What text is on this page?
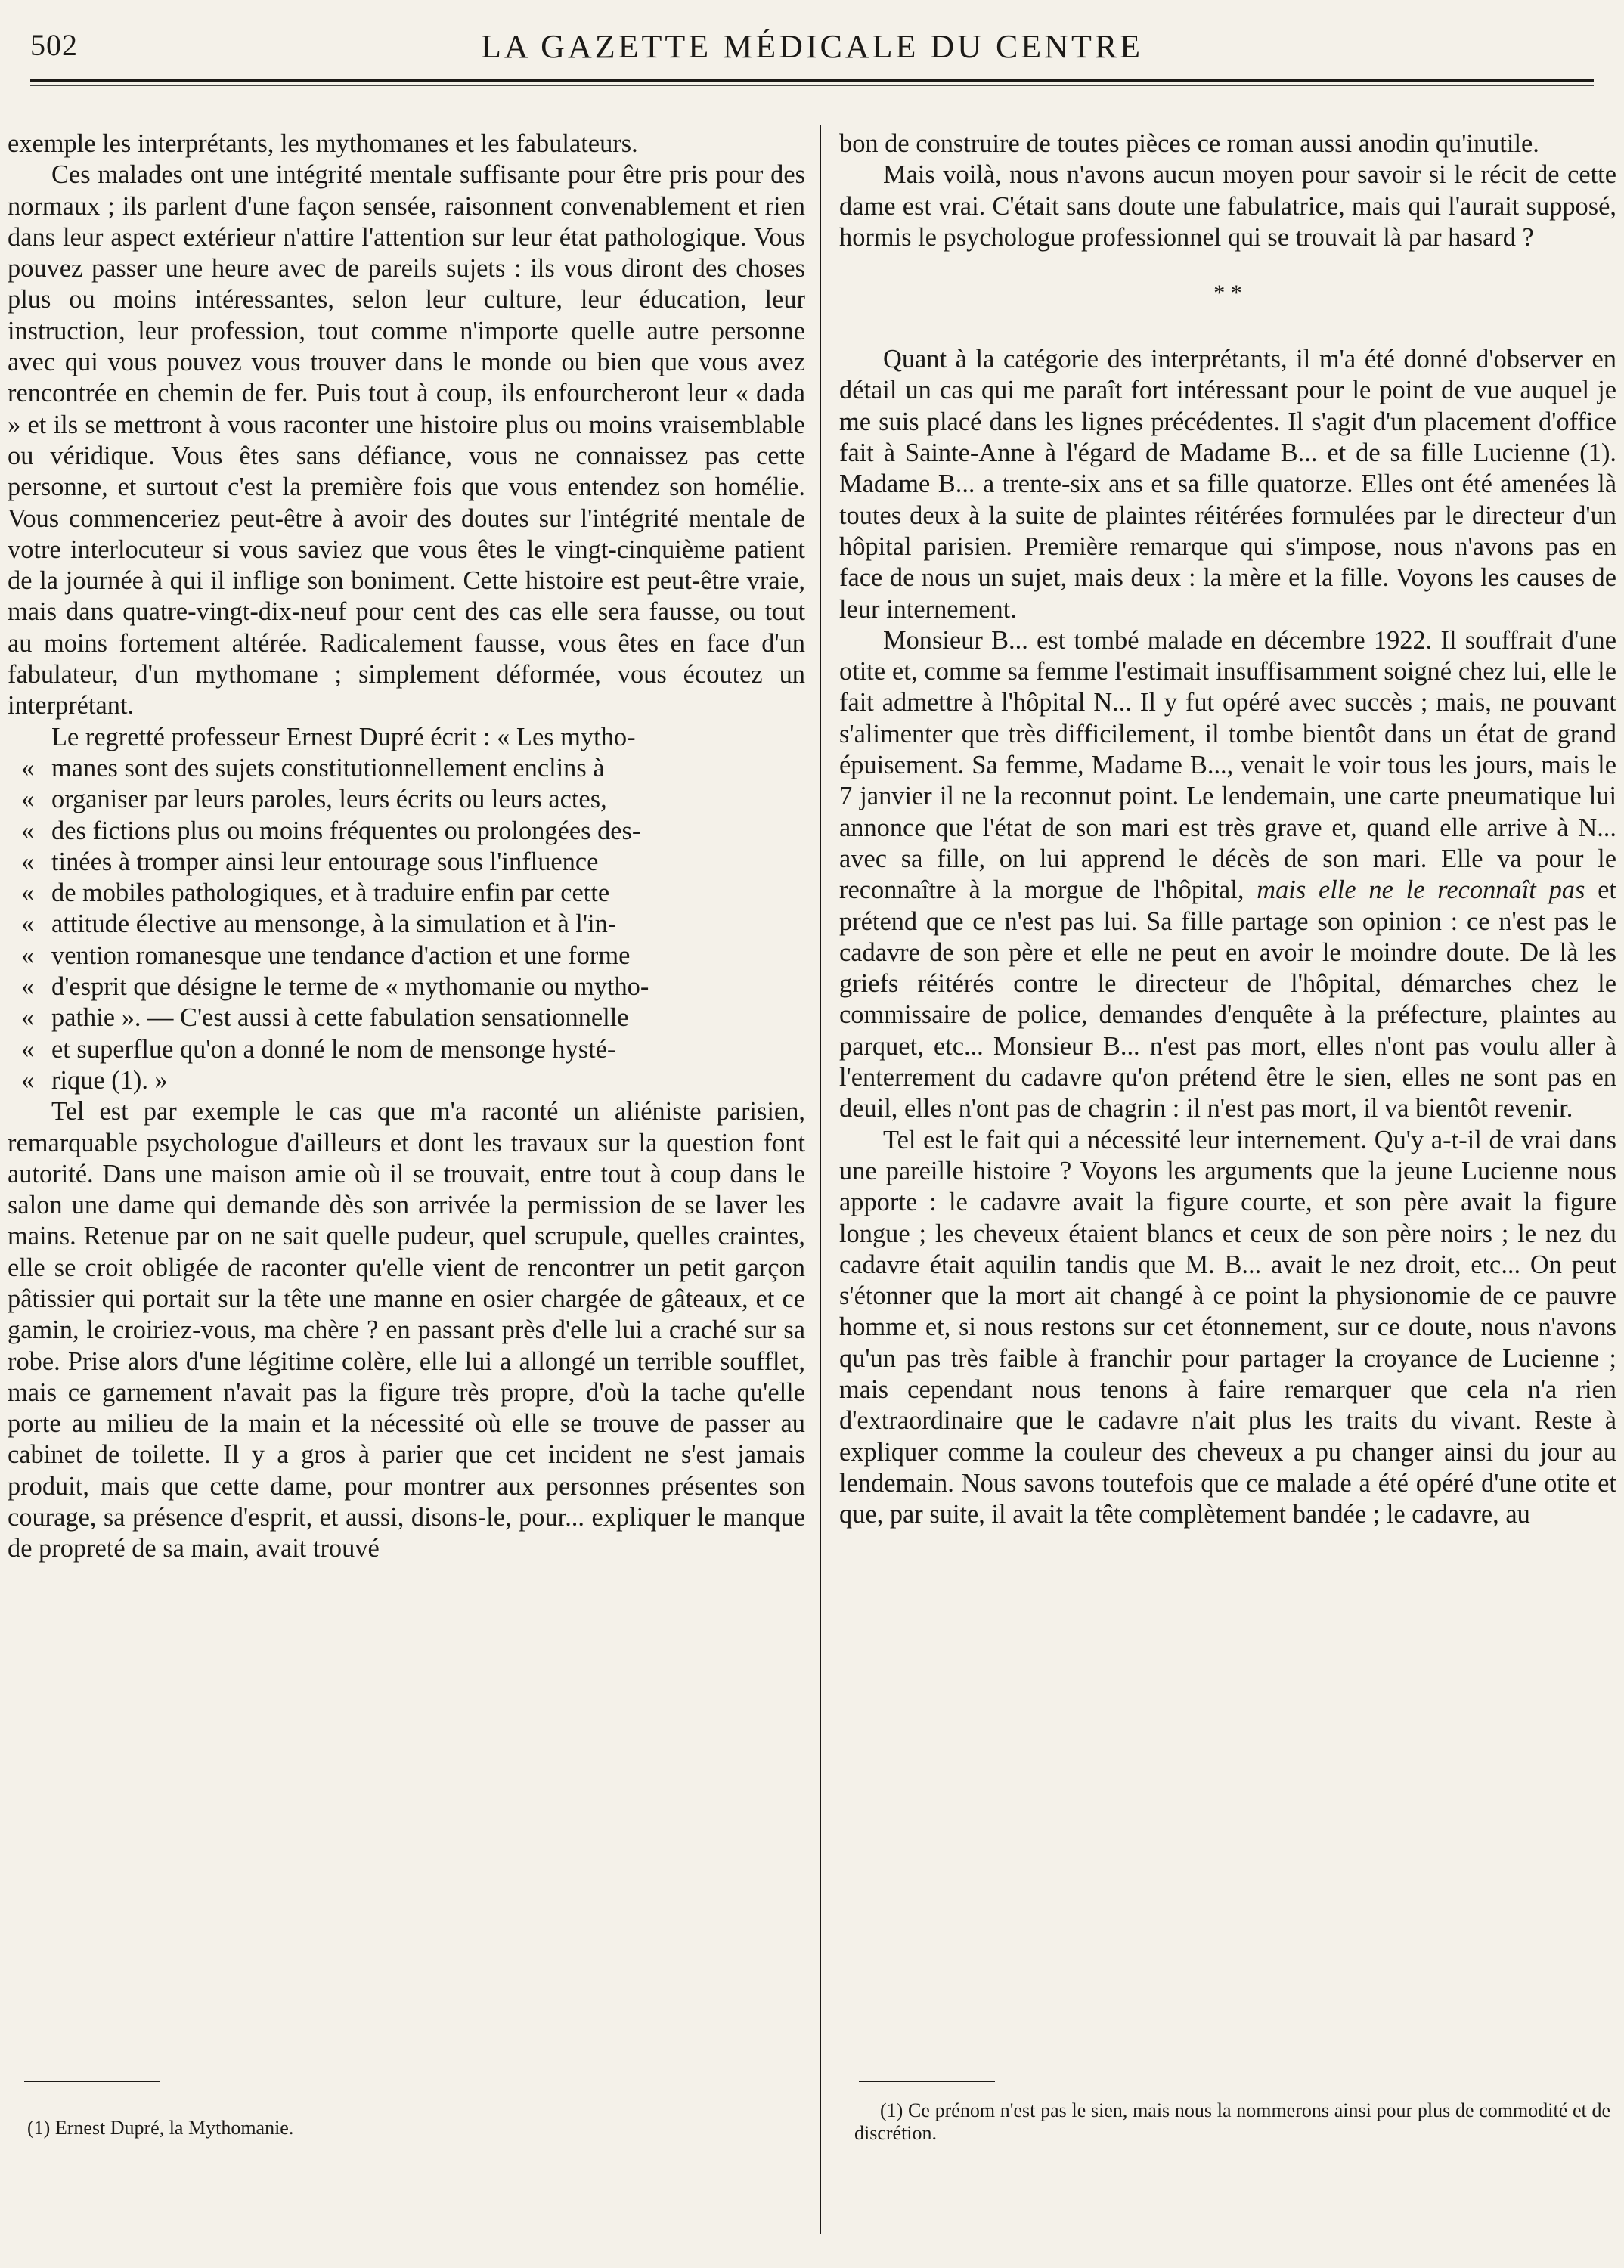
502	LA GAZETTE MÉDICALE DU CENTRE

exemple les interprétants, les mythomanes et les fabulateurs.

Ces malades ont une intégrité mentale suffisante pour être pris pour des normaux ; ils parlent d'une façon sensée, raisonnent convenablement et rien dans leur aspect extérieur n'attire l'attention sur leur état pathologique. Vous pouvez passer une heure avec de pareils sujets : ils vous diront des choses plus ou moins intéressantes, selon leur culture, leur éducation, leur instruction, leur profession, tout comme n'importe quelle autre personne avec qui vous pouvez vous trouver dans le monde ou bien que vous avez rencontrée en chemin de fer. Puis tout à coup, ils enfourcheront leur « dada » et ils se mettront à vous raconter une histoire plus ou moins vraisemblable ou véridique. Vous êtes sans défiance, vous ne connaissez pas cette personne, et surtout c'est la première fois que vous entendez son homélie. Vous commenceriez peut-être à avoir des doutes sur l'intégrité mentale de votre interlocuteur si vous saviez que vous êtes le vingt-cinquième patient de la journée à qui il inflige son boniment. Cette histoire est peut-être vraie, mais dans quatre-vingt-dix-neuf pour cent des cas elle sera fausse, ou tout au moins fortement altérée. Radicalement fausse, vous êtes en face d'un fabulateur, d'un mythomane ; simplement déformée, vous écoutez un interprétant.

Le regretté professeur Ernest Dupré écrit : « Les mytho-

« manes sont des sujets constitutionnellement enclins à
« organiser par leurs paroles, leurs écrits ou leurs actes,
« des fictions plus ou moins fréquentes ou prolongées des-
« tinées à tromper ainsi leur entourage sous l'influence
« de mobiles pathologiques, et à traduire enfin par cette
« attitude élective au mensonge, à la simulation et à l'in-
« vention romanesque une tendance d'action et une forme
« d'esprit que désigne le terme de « mythomanie ou mytho-
« pathie ». — C'est aussi à cette fabulation sensationnelle
« et superflue qu'on a donné le nom de mensonge hysté-
« rique (1). »

Tel est par exemple le cas que m'a raconté un aliéniste parisien, remarquable psychologue d'ailleurs et dont les travaux sur la question font autorité. Dans une maison amie où il se trouvait, entre tout à coup dans le salon une dame qui demande dès son arrivée la permission de se laver les mains. Retenue par on ne sait quelle pudeur, quel scrupule, quelles craintes, elle se croit obligée de raconter qu'elle vient de rencontrer un petit garçon pâtissier qui portait sur la tête une manne en osier chargée de gâteaux, et ce gamin, le croiriez-vous, ma chère ? en passant près d'elle lui a craché sur sa robe. Prise alors d'une légitime colère, elle lui a allongé un terrible soufflet, mais ce garnement n'avait pas la figure très propre, d'où la tache qu'elle porte au milieu de la main et la nécessité où elle se trouve de passer au cabinet de toilette. Il y a gros à parier que cet incident ne s'est jamais produit, mais que cette dame, pour montrer aux personnes présentes son courage, sa présence d'esprit, et aussi, disons-le, pour... expliquer le manque de propreté de sa main, avait trouvé

bon de construire de toutes pièces ce roman aussi anodin qu'inutile.

Mais voilà, nous n'avons aucun moyen pour savoir si le récit de cette dame est vrai. C'était sans doute une fabulatrice, mais qui l'aurait supposé, hormis le psychologue professionnel qui se trouvait là par hasard ?

* *

Quant à la catégorie des interprétants, il m'a été donné d'observer en détail un cas qui me paraît fort intéressant pour le point de vue auquel je me suis placé dans les lignes précédentes. Il s'agit d'un placement d'office fait à Sainte-Anne à l'égard de Madame B... et de sa fille Lucienne (1). Madame B... a trente-six ans et sa fille quatorze. Elles ont été amenées là toutes deux à la suite de plaintes réitérées formulées par le directeur d'un hôpital parisien. Première remarque qui s'impose, nous n'avons pas en face de nous un sujet, mais deux : la mère et la fille. Voyons les causes de leur internement.

Monsieur B... est tombé malade en décembre 1922. Il souffrait d'une otite et, comme sa femme l'estimait insuffisamment soigné chez lui, elle le fait admettre à l'hôpital N... Il y fut opéré avec succès ; mais, ne pouvant s'alimenter que très difficilement, il tombe bientôt dans un état de grand épuisement. Sa femme, Madame B..., venait le voir tous les jours, mais le 7 janvier il ne la reconnut point. Le lendemain, une carte pneumatique lui annonce que l'état de son mari est très grave et, quand elle arrive à N... avec sa fille, on lui apprend le décès de son mari. Elle va pour le reconnaître à la morgue de l'hôpital, mais elle ne le reconnaît pas et prétend que ce n'est pas lui. Sa fille partage son opinion : ce n'est pas le cadavre de son père et elle ne peut en avoir le moindre doute. De là les griefs réitérés contre le directeur de l'hôpital, démarches chez le commissaire de police, demandes d'enquête à la préfecture, plaintes au parquet, etc... Monsieur B... n'est pas mort, elles n'ont pas voulu aller à l'enterrement du cadavre qu'on prétend être le sien, elles ne sont pas en deuil, elles n'ont pas de chagrin : il n'est pas mort, il va bientôt revenir.

Tel est le fait qui a nécessité leur internement. Qu'y a-t-il de vrai dans une pareille histoire ? Voyons les arguments que la jeune Lucienne nous apporte : le cadavre avait la figure courte, et son père avait la figure longue ; les cheveux étaient blancs et ceux de son père noirs ; le nez du cadavre était aquilin tandis que M. B... avait le nez droit, etc... On peut s'étonner que la mort ait changé à ce point la physionomie de ce pauvre homme et, si nous restons sur cet étonnement, sur ce doute, nous n'avons qu'un pas très faible à franchir pour partager la croyance de Lucienne ; mais cependant nous tenons à faire remarquer que cela n'a rien d'extraordinaire que le cadavre n'ait plus les traits du vivant. Reste à expliquer comme la couleur des cheveux a pu changer ainsi du jour au lendemain. Nous savons toutefois que ce malade a été opéré d'une otite et que, par suite, il avait la tête complètement bandée ; le cadavre, au

(1) Ernest Dupré, la Mythomanie.
(1) Ce prénom n'est pas le sien, mais nous la nommerons ainsi pour plus de commodité et de discrétion.
